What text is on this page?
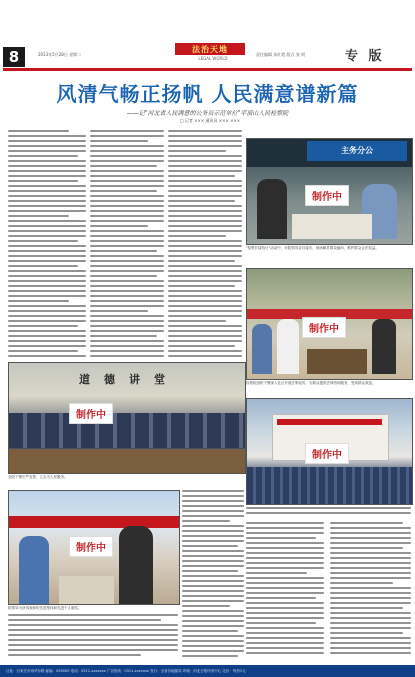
8	2013年5月28日 星期二
法治天地
LEGAL WORLD
责任编辑 朱红霞 版式 张 明	专 版
风清气畅正扬帆 人民满意谱新篇
——记"河北省人民满意的公务员示范单位"平顶山人民检察院
□ 记者 ××× 通讯员 ××× ×××
主务分公
制作中
"检察长接待日"活动中，市院领导亲自接访，现场解答群众疑问，维护群众合法权益。
制作中
检察院组织干警深入社区开展法制宣传，为群众提供法律咨询服务，受到群众欢迎。
道德讲堂
制作中
全院干警庄严宣誓，立志为人民服务。
制作中
制作中
院领导为获得表彰的先进集体和先进个人颁奖。
社址：石家庄市裕华东路 邮编：050000 电话：0311-xxxxxxx 广告热线：0311-xxxxxxx 发行：全省各地邮局 印刷：河北日报印务中心 定价：每份1元
